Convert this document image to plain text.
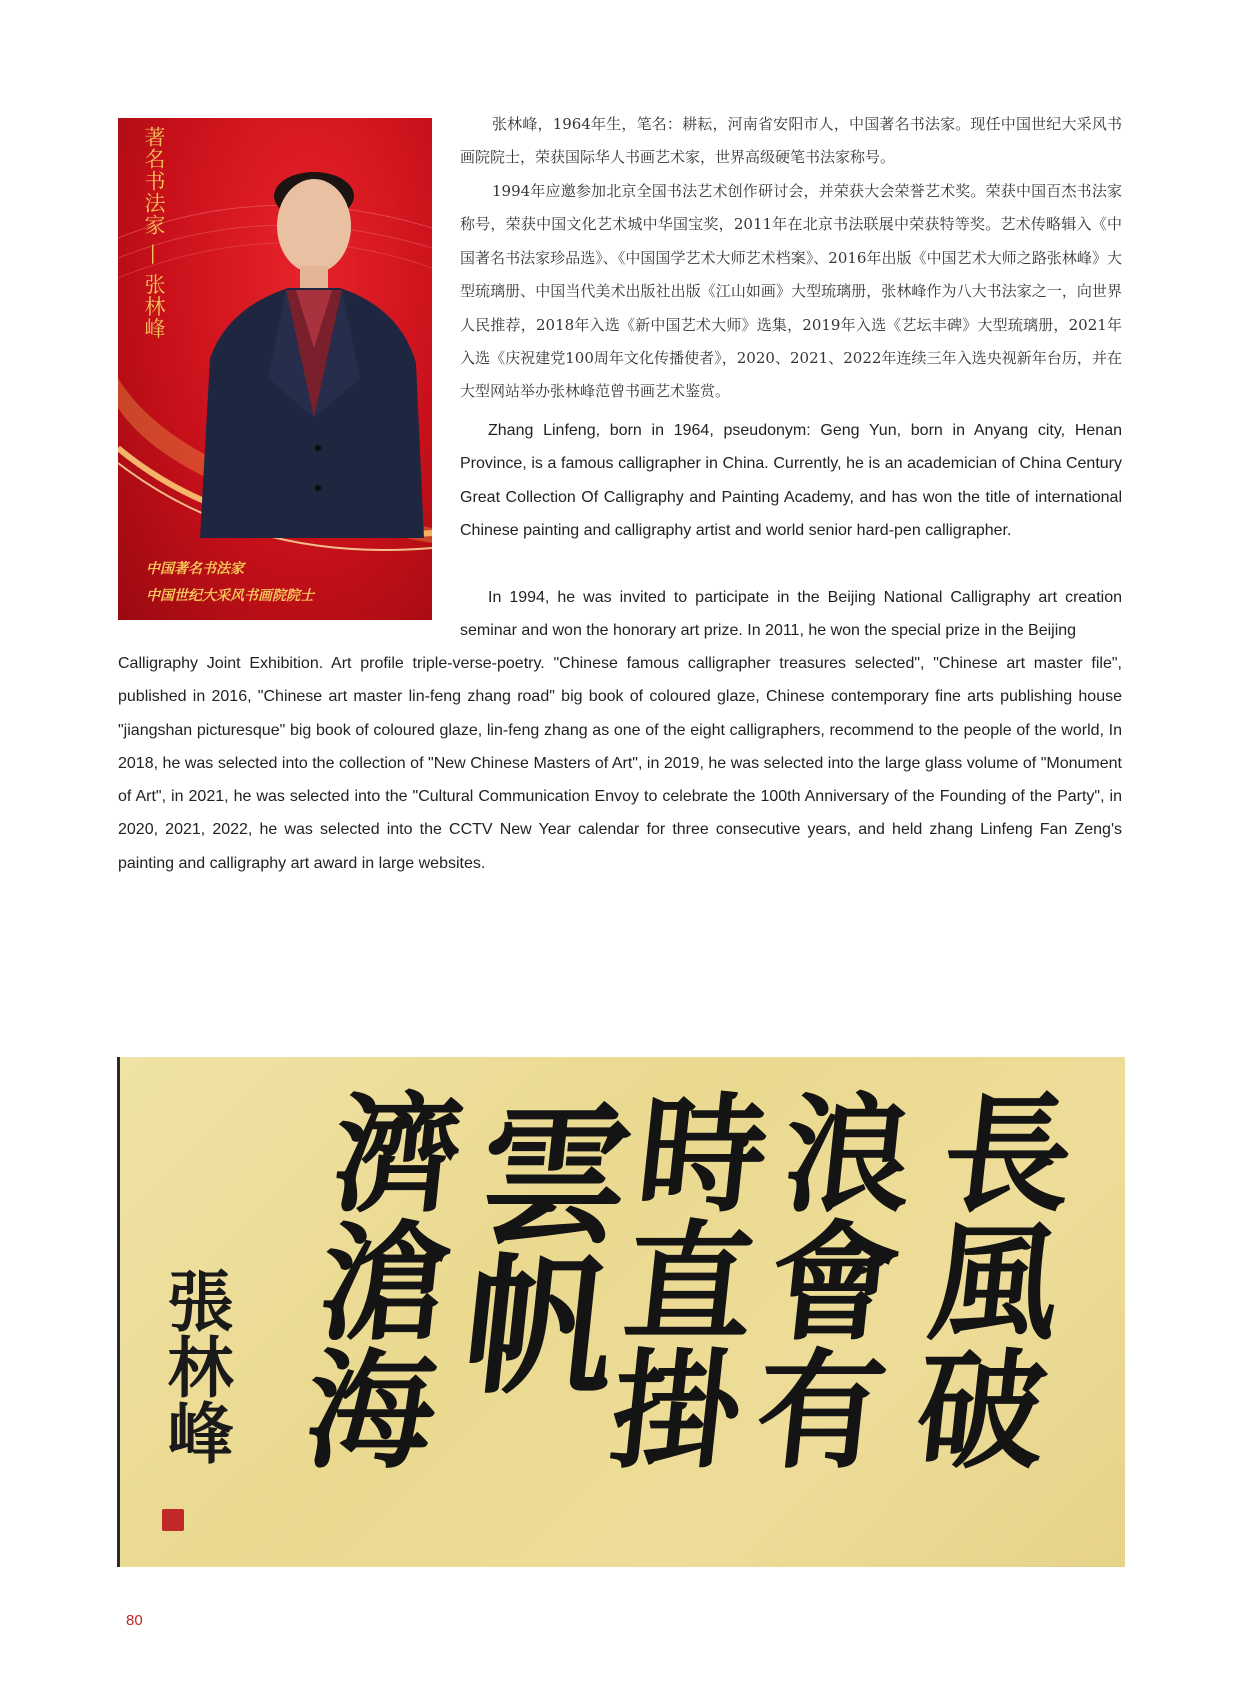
著名书法家 — 张林峰
中国著名书法家
中国世纪大采风书画院院士

张林峰，1964年生，笔名：耕耘，河南省安阳市人，中国著名书法家。现任中国世纪大采风书画院院士，荣获国际华人书画艺术家，世界高级硬笔书法家称号。

1994年应邀参加北京全国书法艺术创作研讨会，并荣获大会荣誉艺术奖。荣获中国百杰书法家称号，荣获中国文化艺术城中华国宝奖，2011年在北京书法联展中荣获特等奖。艺术传略辑入《中国著名书法家珍品选》、《中国国学艺术大师艺术档案》、2016年出版《中国艺术大师之路张林峰》大型琉璃册、中国当代美术出版社出版《江山如画》大型琉璃册，张林峰作为八大书法家之一，向世界人民推荐，2018年入选《新中国艺术大师》选集，2019年入选《艺坛丰碑》大型琉璃册，2021年入选《庆祝建党100周年文化传播使者》，2020、2021、2022年连续三年入选央视新年台历，并在大型网站举办张林峰范曾书画艺术鉴赏。

Zhang Linfeng, born in 1964, pseudonym: Geng Yun, born in Anyang city, Henan Province, is a famous calligrapher in China. Currently, he is an academician of China Century Great Collection Of Calligraphy and Painting Academy, and has won the title of international Chinese painting and calligraphy artist and world senior hard-pen calligrapher.

In 1994, he was invited to participate in the Beijing National Calligraphy art creation seminar and won the honorary art prize. In 2011, he won the special prize in the Beijing

Calligraphy Joint Exhibition. Art profile triple-verse-poetry. "Chinese famous calligrapher treasures selected", "Chinese art master file", published in 2016, "Chinese art master lin-feng zhang road" big book of coloured glaze, Chinese contemporary fine arts publishing house "jiangshan picturesque" big book of coloured glaze, lin-feng zhang as one of the eight calligraphers, recommend to the people of the world, In 2018, he was selected into the collection of "New Chinese Masters of Art", in 2019, he was selected into the large glass volume of "Monument of Art", in 2021, he was selected into the "Cultural Communication Envoy to celebrate the 100th Anniversary of the Founding of the Party", in 2020, 2021, 2022, he was selected into the CCTV New Year calendar for three consecutive years, and held zhang Linfeng Fan Zeng's painting and calligraphy art award in large websites.

長風破
浪會有
時直掛
雲帆
濟滄海
張林峰
80
